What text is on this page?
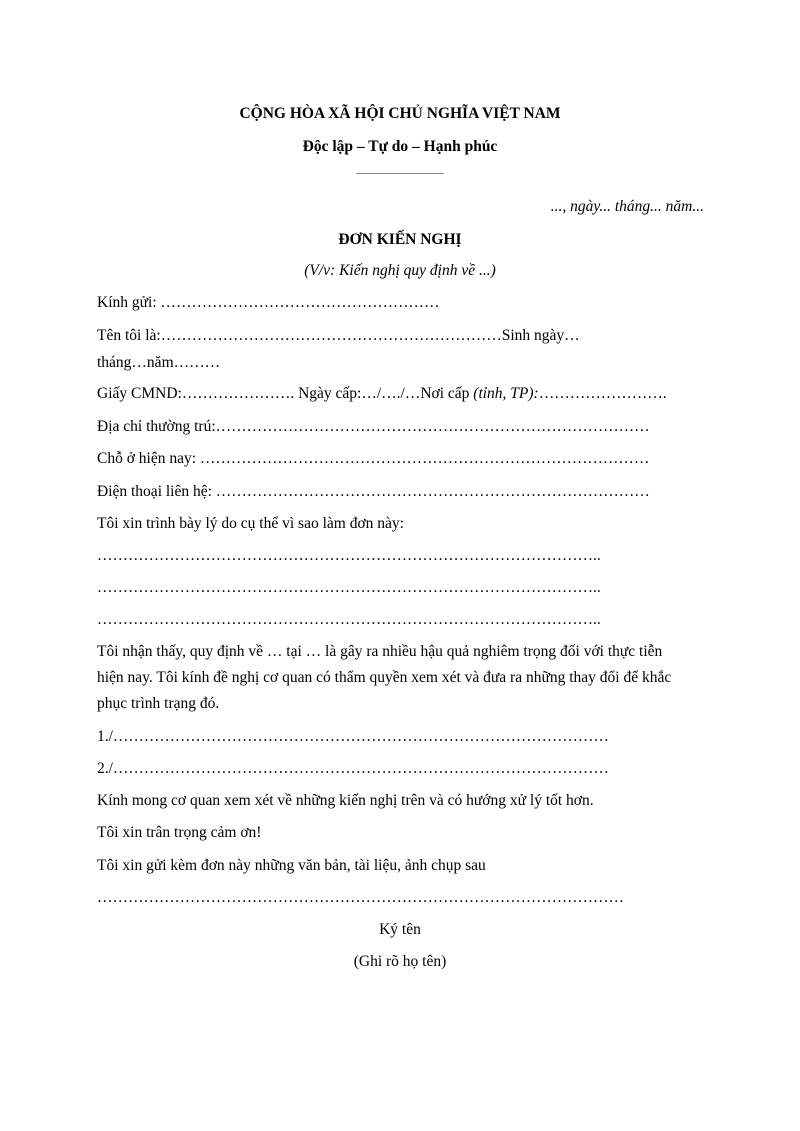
CỘNG HÒA XÃ HỘI CHỦ NGHĨA VIỆT NAM
Độc lập – Tự do – Hạnh phúc
..., ngày... tháng... năm...
ĐƠN KIẾN NGHỊ
(V/v: Kiến nghị quy định về ...)
Kính gửi: ………………………………………………
Tên tôi là:…………………………………………………………Sinh ngày…
tháng…năm………
Giấy CMND:…………………. Ngày cấp:…/…./…Nơi cấp (tỉnh, TP):…………………….
Địa chỉ thường trú:…………………………………………………………………………
Chỗ ở hiện nay: ……………………………………………………………………………
Điện thoại liên hệ: …………………………………………………………………………
Tôi xin trình bày lý do cụ thể vì sao làm đơn này:
……………………………………………………………………………………..
……………………………………………………………………………………..
……………………………………………………………………………………..
Tôi nhận thấy, quy định về … tại … là gây ra nhiều hậu quả nghiêm trọng đối với thực tiễn
hiện nay. Tôi kính đề nghị cơ quan có thẩm quyền xem xét và đưa ra những thay đổi để khắc
phục trình trạng đó.
1./……………………………………………………………………………………
2./……………………………………………………………………………………
Kính mong cơ quan xem xét về những kiến nghị trên và có hướng xử lý tốt hơn.
Tôi xin trân trọng cảm ơn!
Tôi xin gửi kèm đơn này những văn bản, tài liệu, ảnh chụp sau
…………………………………………………………………………………………
Ký tên
(Ghi rõ họ tên)
